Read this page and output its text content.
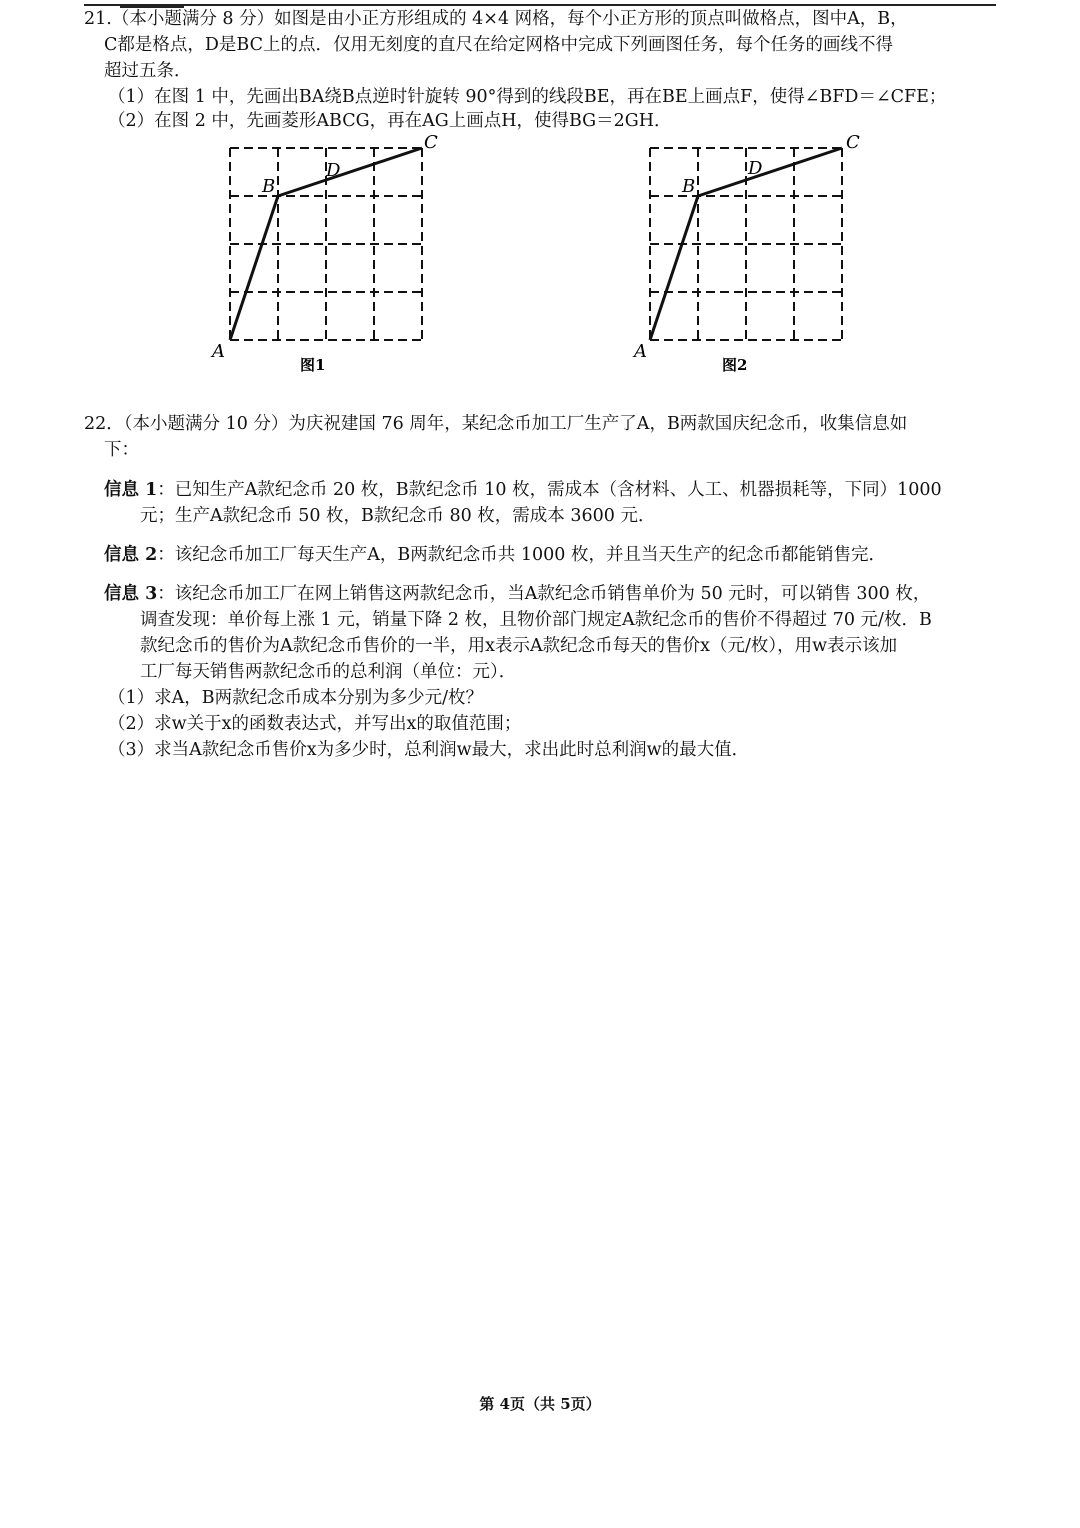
21.（本小题满分 8 分）如图是由小正方形组成的 4×4 网格，每个小正方形的顶点叫做格点，图中A，B，
C都是格点，D是BC上的点．仅用无刻度的直尺在给定网格中完成下列画图任务，每个任务的画线不得
超过五条．
（1）在图 1 中，先画出BA绕B点逆时针旋转 90°得到的线段BE，再在BE上画点F，使得∠BFD＝∠CFE；
（2）在图 2 中，先画菱形ABCG，再在AG上画点H，使得BG＝2GH．
A
B
C
D
图1
A
B
C
D
图2
22．（本小题满分 10 分）为庆祝建国 76 周年，某纪念币加工厂生产了A，B两款国庆纪念币，收集信息如
下：
信息 1：已知生产A款纪念币 20 枚，B款纪念币 10 枚，需成本（含材料、人工、机器损耗等，下同）1000
元；生产A款纪念币 50 枚，B款纪念币 80 枚，需成本 3600 元．
信息 2：该纪念币加工厂每天生产A，B两款纪念币共 1000 枚，并且当天生产的纪念币都能销售完．
信息 3：该纪念币加工厂在网上销售这两款纪念币，当A款纪念币销售单价为 50 元时，可以销售 300 枚，
调查发现：单价每上涨 1 元，销量下降 2 枚，且物价部门规定A款纪念币的售价不得超过 70 元/枚．B
款纪念币的售价为A款纪念币售价的一半，用x表示A款纪念币每天的售价x（元/枚），用w表示该加
工厂每天销售两款纪念币的总利润（单位：元）．
（1）求A，B两款纪念币成本分别为多少元/枚？
（2）求w关于x的函数表达式，并写出x的取值范围；
（3）求当A款纪念币售价x为多少时，总利润w最大，求出此时总利润w的最大值．
第 4页（共 5页）
